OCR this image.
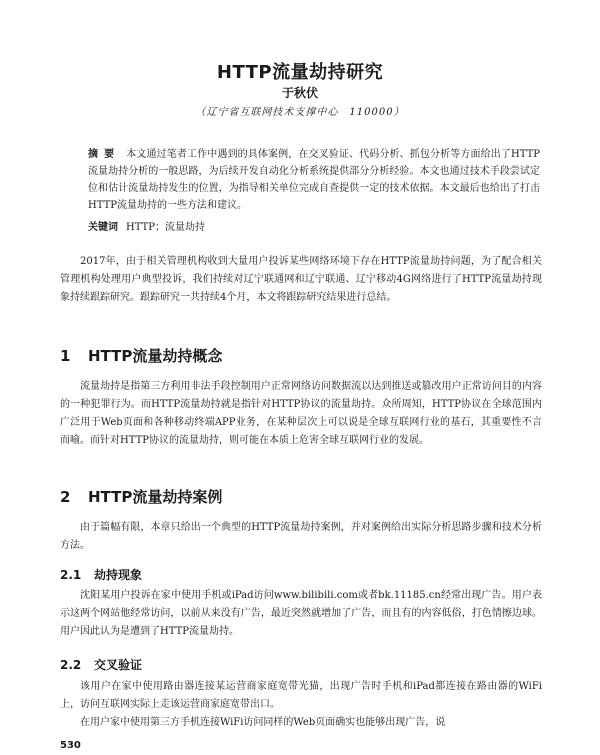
HTTP流量劫持研究
于秋伏
（辽宁省互联网技术支撑中心　110000）
摘要 本文通过笔者工作中遇到的具体案例，在交叉验证、代码分析、抓包分析等方面给出了HTTP流量劫持分析的一般思路，为后续开发自动化分析系统提供部分分析经验。本文也通过技术手段尝试定位和估计流量劫持发生的位置，为指导相关单位完成自查提供一定的技术依据。本文最后也给出了打击HTTP流量劫持的一些方法和建议。
关键词 HTTP；流量劫持

2017年，由于相关管理机构收到大量用户投诉某些网络环境下存在HTTP流量劫持问题，为了配合相关管理机构处理用户典型投诉，我们持续对辽宁联通网和辽宁联通、辽宁移动4G网络进行了HTTP流量劫持现象持续跟踪研究。跟踪研究一共持续4个月，本文将跟踪研究结果进行总结。

1 HTTP流量劫持概念

流量劫持是指第三方利用非法手段控制用户正常网络访问数据流以达到推送或篡改用户正常访问目的内容的一种犯罪行为。而HTTP流量劫持就是指针对HTTP协议的流量劫持。众所周知，HTTP协议在全球范围内广泛用于Web页面和各种移动终端APP业务，在某种层次上可以说是全球互联网行业的基石，其重要性不言而喻。而针对HTTP协议的流量劫持，则可能在本质上危害全球互联网行业的发展。

2 HTTP流量劫持案例

由于篇幅有限，本章只给出一个典型的HTTP流量劫持案例，并对案例给出实际分析思路步骤和技术分析方法。

2.1 劫持现象

沈阳某用户投诉在家中使用手机或iPad访问www.bilibili.com或者bk.11185.cn经常出现广告。用户表示这两个网站他经常访问，以前从来没有广告，最近突然就增加了广告，而且有的内容低俗，打色情擦边球。用户因此认为是遭到了HTTP流量劫持。

2.2 交叉验证

该用户在家中使用路由器连接某运营商家庭宽带光猫，出现广告时手机和iPad都连接在路由器的WiFi上，访问互联网实际上走该运营商家庭宽带出口。

在用户家中使用第三方手机连接WiFi访问同样的Web页面确实也能够出现广告，说

530
